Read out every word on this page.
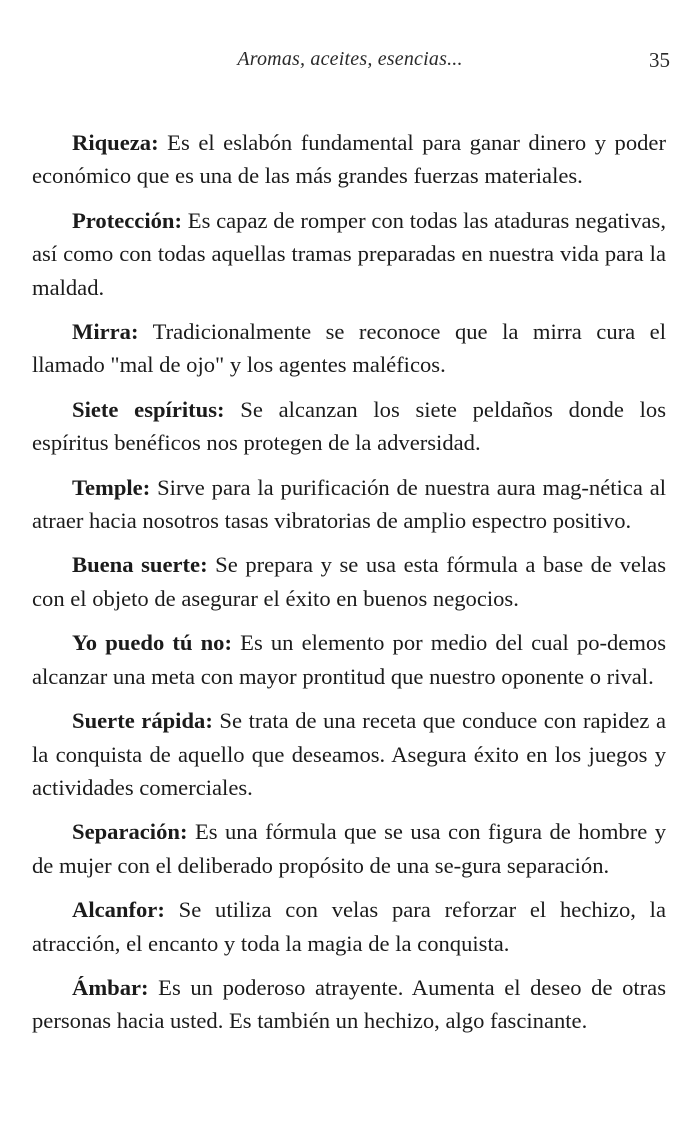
Aromas, aceites, esencias...	35

Riqueza: Es el eslabón fundamental para ganar dinero y poder económico que es una de las más grandes fuerzas materiales.

Protección: Es capaz de romper con todas las ataduras negativas, así como con todas aquellas tramas preparadas en nuestra vida para la maldad.

Mirra: Tradicionalmente se reconoce que la mirra cura el llamado "mal de ojo" y los agentes maléficos.

Siete espíritus: Se alcanzan los siete peldaños donde los espíritus benéficos nos protegen de la adversidad.

Temple: Sirve para la purificación de nuestra aura mag-nética al atraer hacia nosotros tasas vibratorias de amplio espectro positivo.

Buena suerte: Se prepara y se usa esta fórmula a base de velas con el objeto de asegurar el éxito en buenos negocios.

Yo puedo tú no: Es un elemento por medio del cual po-demos alcanzar una meta con mayor prontitud que nuestro oponente o rival.

Suerte rápida: Se trata de una receta que conduce con rapidez a la conquista de aquello que deseamos. Asegura éxito en los juegos y actividades comerciales.

Separación: Es una fórmula que se usa con figura de hombre y de mujer con el deliberado propósito de una se-gura separación.

Alcanfor: Se utiliza con velas para reforzar el hechizo, la atracción, el encanto y toda la magia de la conquista.

Ámbar: Es un poderoso atrayente. Aumenta el deseo de otras personas hacia usted. Es también un hechizo, algo fascinante.
